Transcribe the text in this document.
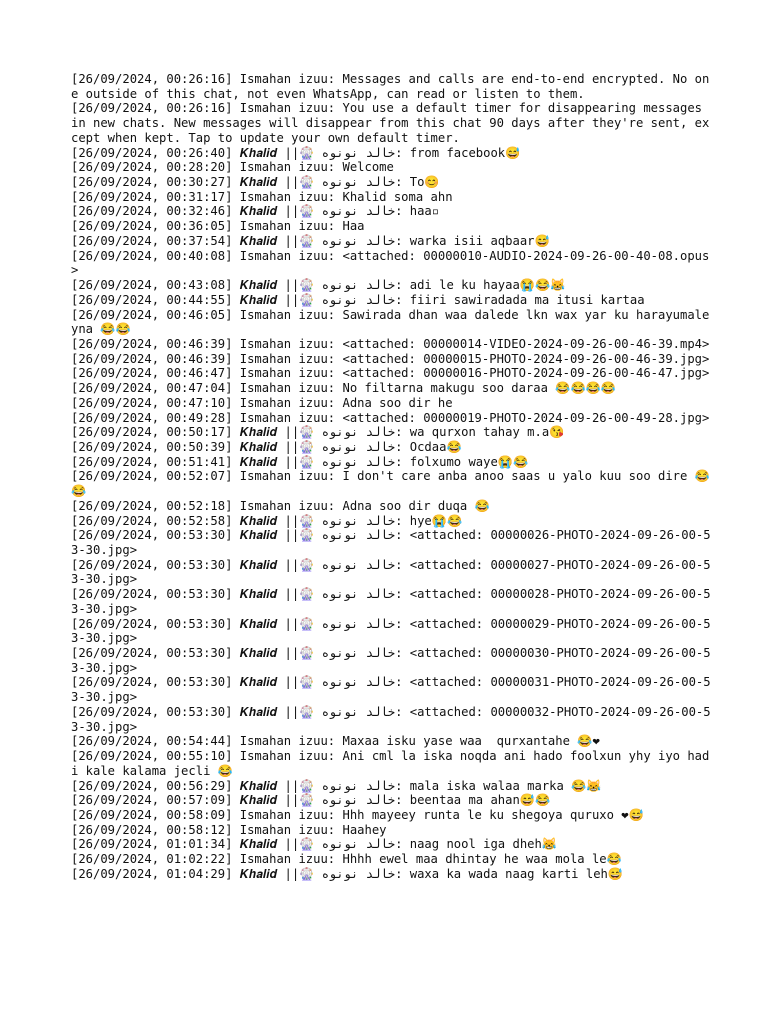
[26/09/2024, 00:26:16] Ismahan izuu: Messages and calls are end-to-end encrypted. No one outside of this chat, not even WhatsApp, can read or listen to them.
[26/09/2024, 00:26:16] Ismahan izuu: You use a default timer for disappearing messages in new chats. New messages will disappear from this chat 90 days after they're sent, except when kept. Tap to update your own default timer.
[26/09/2024, 00:26:40] 𝑲𝒉𝒂𝒍𝒊𝒅 ||🎡 خالد نونوه: from facebook😅
[26/09/2024, 00:28:20] Ismahan izuu: Welcome
[26/09/2024, 00:30:27] 𝑲𝒉𝒂𝒍𝒊𝒅 ||🎡 خالد نونوه: To😊
[26/09/2024, 00:31:17] Ismahan izuu: Khalid soma ahn
[26/09/2024, 00:32:46] 𝑲𝒉𝒂𝒍𝒊𝒅 ||🎡 خالد نونوه: haa▫
[26/09/2024, 00:36:05] Ismahan izuu: Haa
[26/09/2024, 00:37:54] 𝑲𝒉𝒂𝒍𝒊𝒅 ||🎡 خالد نونوه: warka isii aqbaar😅
[26/09/2024, 00:40:08] Ismahan izuu: <attached: 00000010-AUDIO-2024-09-26-00-40-08.opus>
[26/09/2024, 00:43:08] 𝑲𝒉𝒂𝒍𝒊𝒅 ||🎡 خالد نونوه: adi le ku hayaa😭😂😹
[26/09/2024, 00:44:55] 𝑲𝒉𝒂𝒍𝒊𝒅 ||🎡 خالد نونوه: fiiri sawiradada ma itusi kartaa
[26/09/2024, 00:46:05] Ismahan izuu: Sawirada dhan waa dalede lkn wax yar ku harayumaleyna 😂😂
[26/09/2024, 00:46:39] Ismahan izuu: <attached: 00000014-VIDEO-2024-09-26-00-46-39.mp4>
[26/09/2024, 00:46:39] Ismahan izuu: <attached: 00000015-PHOTO-2024-09-26-00-46-39.jpg>
[26/09/2024, 00:46:47] Ismahan izuu: <attached: 00000016-PHOTO-2024-09-26-00-46-47.jpg>
[26/09/2024, 00:47:04] Ismahan izuu: No filtarna makugu soo daraa 😂😂😂😂
[26/09/2024, 00:47:10] Ismahan izuu: Adna soo dir he
[26/09/2024, 00:49:28] Ismahan izuu: <attached: 00000019-PHOTO-2024-09-26-00-49-28.jpg>
[26/09/2024, 00:50:17] 𝑲𝒉𝒂𝒍𝒊𝒅 ||🎡 خالد نونوه: wa qurxon tahay m.a😘
[26/09/2024, 00:50:39] 𝑲𝒉𝒂𝒍𝒊𝒅 ||🎡 خالد نونوه: Ocdaa😂
[26/09/2024, 00:51:41] 𝑲𝒉𝒂𝒍𝒊𝒅 ||🎡 خالد نونوه: folxumo waye😭😂
[26/09/2024, 00:52:07] Ismahan izuu: I don't care anba anoo saas u yalo kuu soo dire 😂😂
[26/09/2024, 00:52:18] Ismahan izuu: Adna soo dir duqa 😂
[26/09/2024, 00:52:58] 𝑲𝒉𝒂𝒍𝒊𝒅 ||🎡 خالد نونوه: hye😭😂
[26/09/2024, 00:53:30] 𝑲𝒉𝒂𝒍𝒊𝒅 ||🎡 خالد نونوه: <attached: 00000026-PHOTO-2024-09-26-00-53-30.jpg>
[26/09/2024, 00:53:30] 𝑲𝒉𝒂𝒍𝒊𝒅 ||🎡 خالد نونوه: <attached: 00000027-PHOTO-2024-09-26-00-53-30.jpg>
[26/09/2024, 00:53:30] 𝑲𝒉𝒂𝒍𝒊𝒅 ||🎡 خالد نونوه: <attached: 00000028-PHOTO-2024-09-26-00-53-30.jpg>
[26/09/2024, 00:53:30] 𝑲𝒉𝒂𝒍𝒊𝒅 ||🎡 خالد نونوه: <attached: 00000029-PHOTO-2024-09-26-00-53-30.jpg>
[26/09/2024, 00:53:30] 𝑲𝒉𝒂𝒍𝒊𝒅 ||🎡 خالد نونوه: <attached: 00000030-PHOTO-2024-09-26-00-53-30.jpg>
[26/09/2024, 00:53:30] 𝑲𝒉𝒂𝒍𝒊𝒅 ||🎡 خالد نونوه: <attached: 00000031-PHOTO-2024-09-26-00-53-30.jpg>
[26/09/2024, 00:53:30] 𝑲𝒉𝒂𝒍𝒊𝒅 ||🎡 خالد نونوه: <attached: 00000032-PHOTO-2024-09-26-00-53-30.jpg>
[26/09/2024, 00:54:44] Ismahan izuu: Maxaa isku yase waa  qurxantahe 😂❤
[26/09/2024, 00:55:10] Ismahan izuu: Ani cml la iska noqda ani hado foolxun yhy iyo hadi kale kalama jecli 😂
[26/09/2024, 00:56:29] 𝑲𝒉𝒂𝒍𝒊𝒅 ||🎡 خالد نونوه: mala iska walaa marka 😂😹
[26/09/2024, 00:57:09] 𝑲𝒉𝒂𝒍𝒊𝒅 ||🎡 خالد نونوه: beentaa ma ahan😅😂
[26/09/2024, 00:58:09] Ismahan izuu: Hhh mayeey runta le ku shegoya quruxo ❤😅
[26/09/2024, 00:58:12] Ismahan izuu: Haahey
[26/09/2024, 01:01:34] 𝑲𝒉𝒂𝒍𝒊𝒅 ||🎡 خالد نونوه: naag nool iga dheh😹
[26/09/2024, 01:02:22] Ismahan izuu: Hhhh ewel maa dhintay he waa mola le😂
[26/09/2024, 01:04:29] 𝑲𝒉𝒂𝒍𝒊𝒅 ||🎡 خالد نونوه: waxa ka wada naag karti leh😅
